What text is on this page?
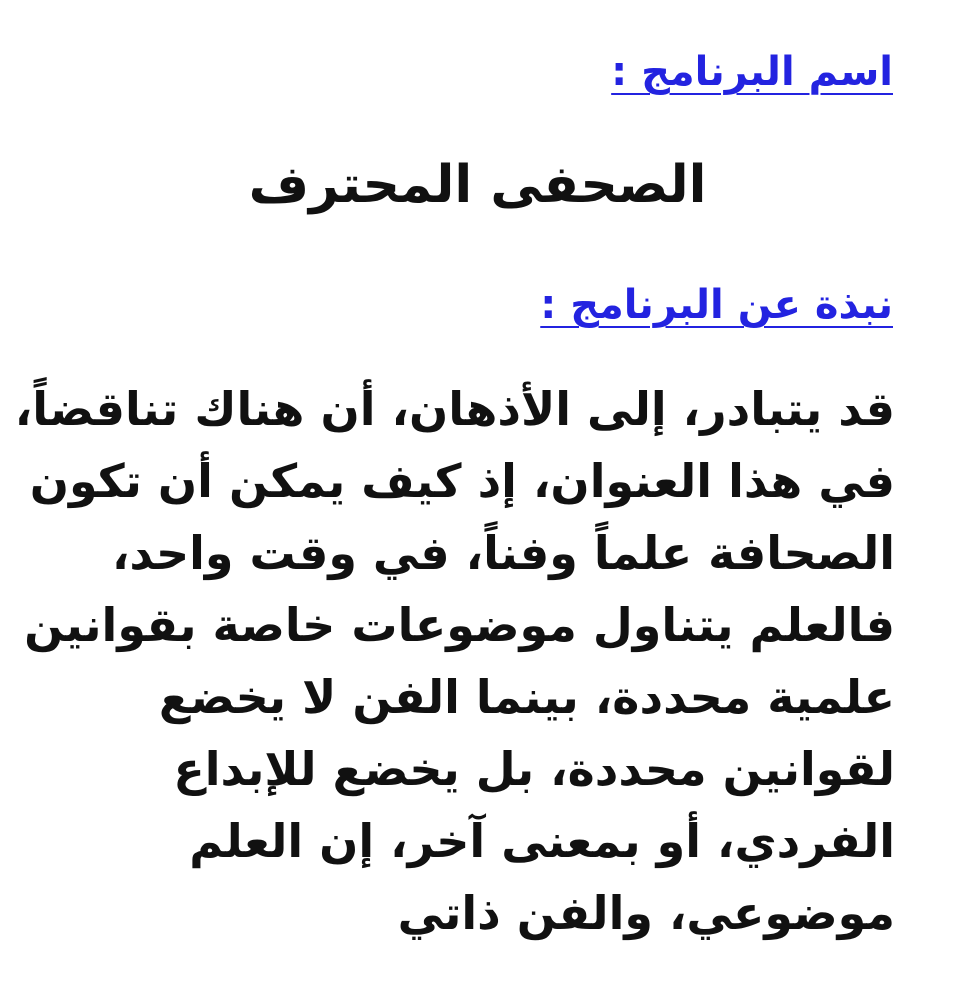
اسم البرنامج :
الصحفى المحترف
نبذة عن البرنامج :
قد يتبادر، إلى الأذهان، أن هناك تناقضاً،
في هذا العنوان، إذ كيف يمكن أن تكون
الصحافة علماً وفناً، في وقت واحد،
فالعلم يتناول موضوعات خاصة بقوانين
علمية محددة، بينما الفن لا يخضع
لقوانين محددة، بل يخضع للإبداع
الفردي، أو بمعنى آخر، إن العلم
موضوعي، والفن ذاتي
